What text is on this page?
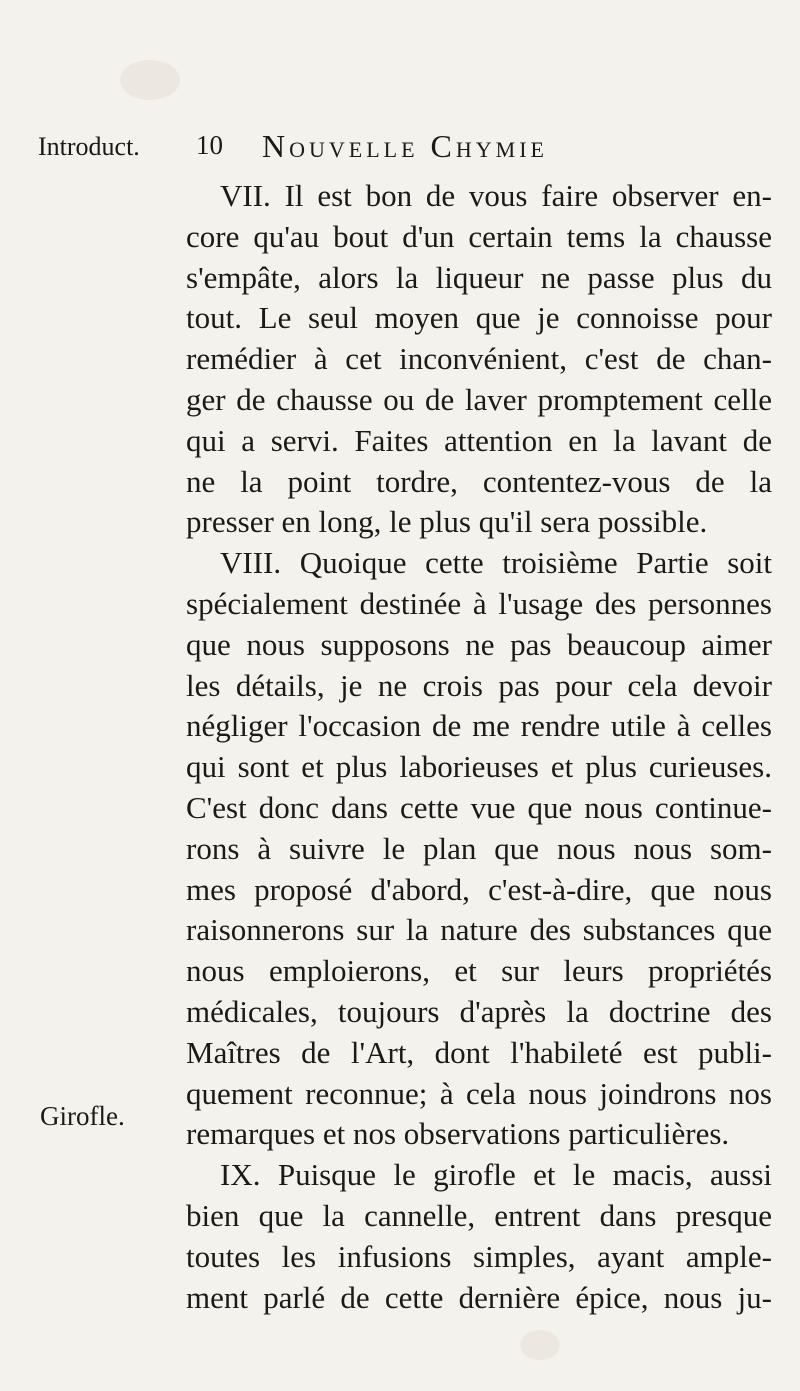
Introduct. 10 Nouvelle Chymie
Girofle.
VII. Il est bon de vous faire observer en-
core qu'au bout d'un certain tems la chausse
s'empâte, alors la liqueur ne passe plus du
tout. Le seul moyen que je connoisse pour
remédier à cet inconvénient, c'est de chan-
ger de chausse ou de laver promptement celle
qui a servi. Faites attention en la lavant de
ne la point tordre, contentez-vous de la
presser en long, le plus qu'il sera possible.
VIII. Quoique cette troisième Partie soit
spécialement destinée à l'usage des personnes
que nous supposons ne pas beaucoup aimer
les détails, je ne crois pas pour cela devoir
négliger l'occasion de me rendre utile à celles
qui sont et plus laborieuses et plus curieuses.
C'est donc dans cette vue que nous continue-
rons à suivre le plan que nous nous som-
mes proposé d'abord, c'est-à-dire, que nous
raisonnerons sur la nature des substances que
nous emploierons, et sur leurs propriétés
médicales, toujours d'après la doctrine des
Maîtres de l'Art, dont l'habileté est publi-
quement reconnue; à cela nous joindrons nos
remarques et nos observations particulières.
IX. Puisque le girofle et le macis, aussi
bien que la cannelle, entrent dans presque
toutes les infusions simples, ayant ample-
ment parlé de cette dernière épice, nous ju-
